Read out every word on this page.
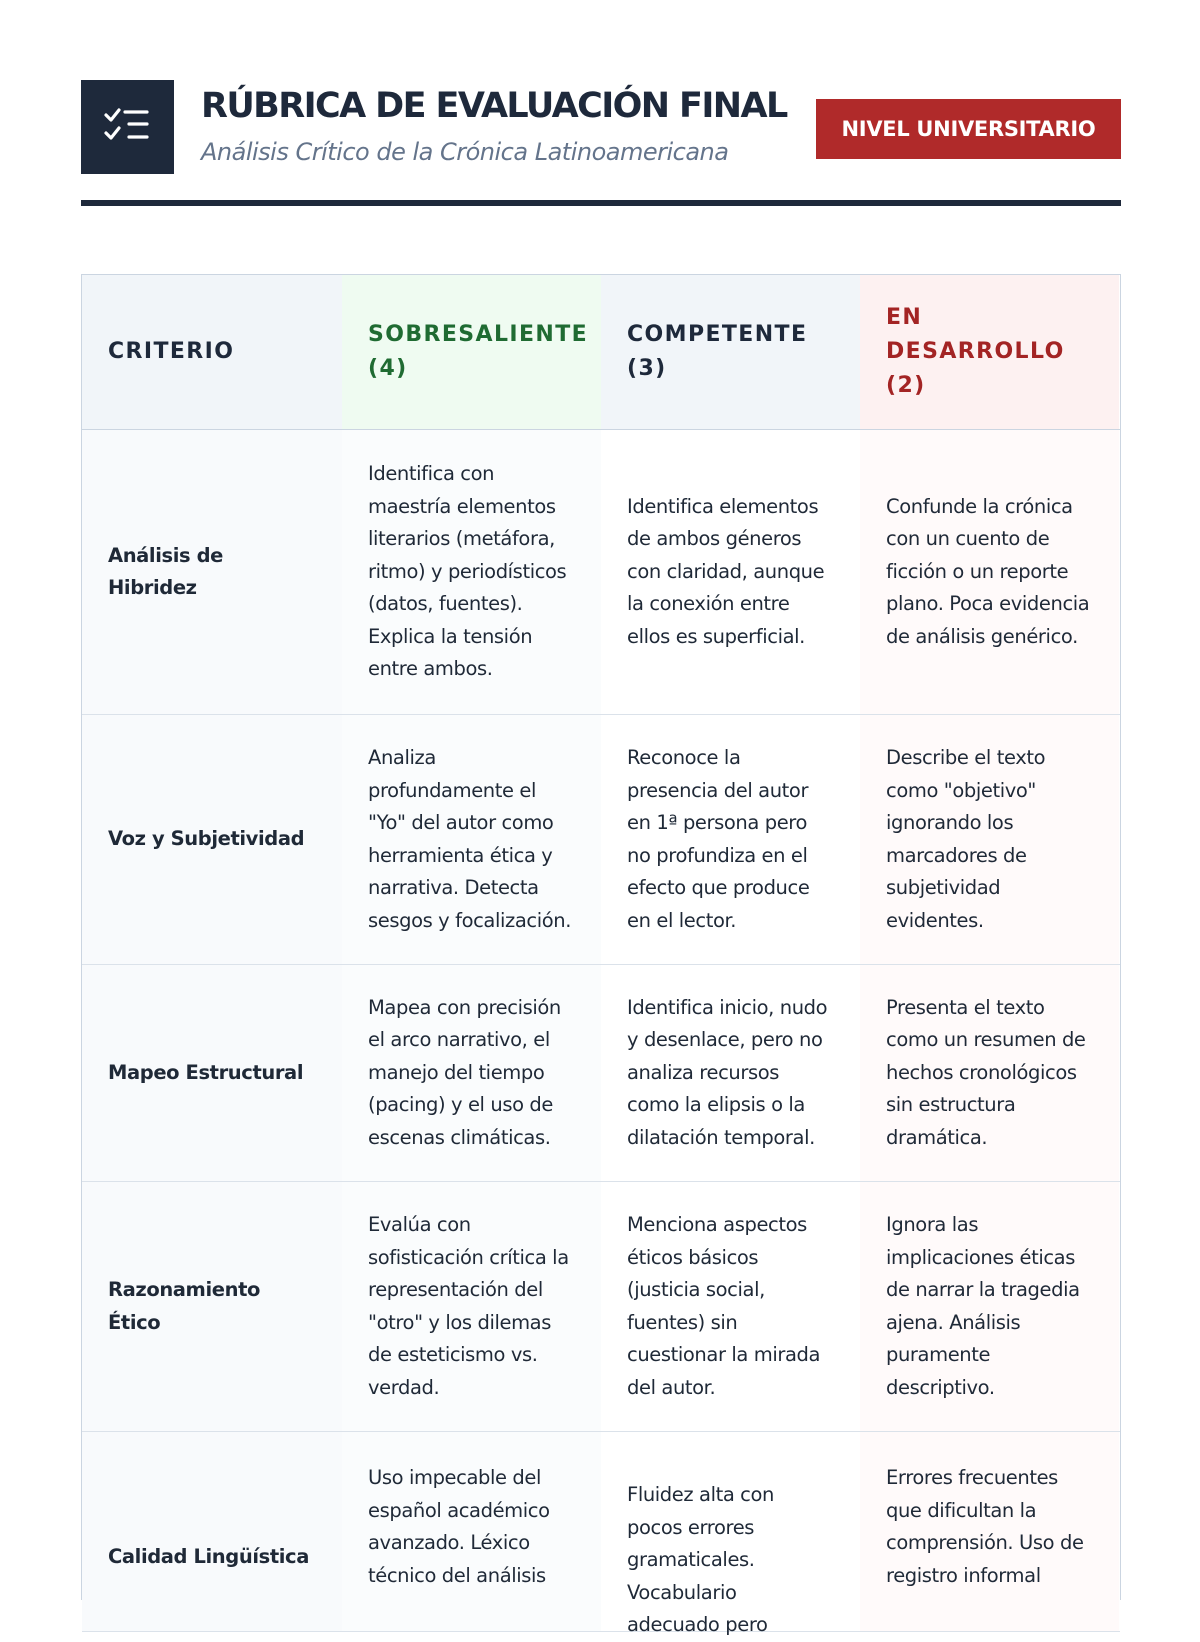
RÚBRICA DE EVALUACIÓN FINAL
Análisis Crítico de la Crónica Latinoamericana
NIVEL UNIVERSITARIO
CRITERIO
SOBRESALIENTE (4)
COMPETENTE (3)
EN DESARROLLO (2)
Análisis de Hibridez
Identifica con maestría elementos literarios (metáfora, ritmo) y periodísticos (datos, fuentes). Explica la tensión entre ambos.
Identifica elementos de ambos géneros con claridad, aunque la conexión entre ellos es superficial.
Confunde la crónica con un cuento de ficción o un reporte plano. Poca evidencia de análisis genérico.
Voz y Subjetividad
Analiza profundamente el "Yo" del autor como herramienta ética y narrativa. Detecta sesgos y focalización.
Reconoce la presencia del autor en 1ª persona pero no profundiza en el efecto que produce en el lector.
Describe el texto como "objetivo" ignorando los marcadores de subjetividad evidentes.
Mapeo Estructural
Mapea con precisión el arco narrativo, el manejo del tiempo (pacing) y el uso de escenas climáticas.
Identifica inicio, nudo y desenlace, pero no analiza recursos como la elipsis o la dilatación temporal.
Presenta el texto como un resumen de hechos cronológicos sin estructura dramática.
Razonamiento Ético
Evalúa con sofisticación crítica la representación del "otro" y los dilemas de esteticismo vs. verdad.
Menciona aspectos éticos básicos (justicia social, fuentes) sin cuestionar la mirada del autor.
Ignora las implicaciones éticas de narrar la tragedia ajena. Análisis puramente descriptivo.
Calidad Lingüística
Uso impecable del español académico avanzado. Léxico técnico del análisis
Fluidez alta con pocos errores gramaticales. Vocabulario adecuado pero
Errores frecuentes que dificultan la comprensión. Uso de registro informal
